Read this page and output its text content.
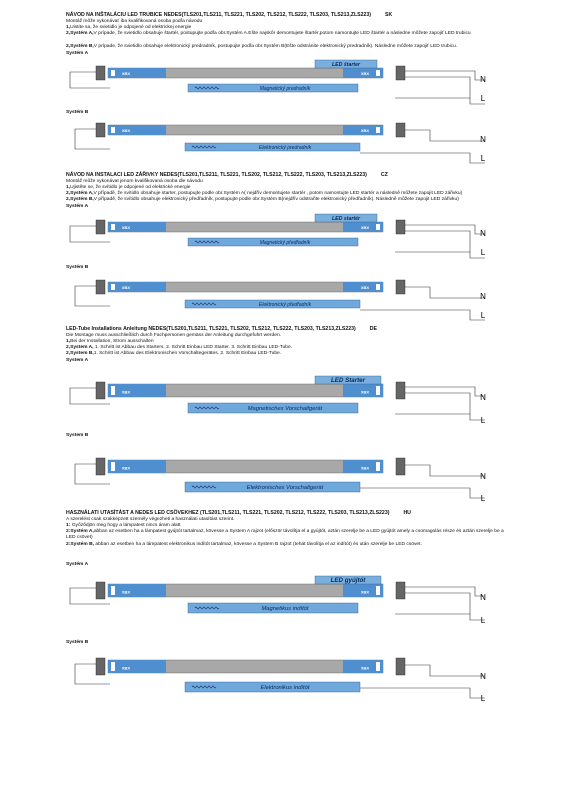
NÁVOD NA INŠTALÁCIU LED TRUBICE NEDES(TLS201,TLS211, TLS221, TLS202, TLS212, TLS222, TLS203, TLS213,ZLS223)	SK
Montáž môže vykonávať iba kvalifikovaná osoba podľa návodu
1,Uistite sa, že svietidlo je odpojené od elektrickej energie
2,Systém A,V prípade, že svietidlo obsahuje štartér, postupujte podľa obr.Systém A.Ešte najskôr demontujete štartér,potom namontujte LED štartér a následne môžete zapojiť LED trubicu
2,Systém B,V prípade, že svietidlo obsahuje elektronický predradník, postupujte podľa obr.Systém B(Ešte odstránite elektronický predradník). Následne môžete zapojiť LED trubicu.
Systém A
XBX	XBX
LED štarter
Magnetický predradník
N
L
Systém B
XBX	XBX
Elektronický predradník
N
L
NÁVOD NA INSTALACI LED ZÁŘIVKY NEDES(TLS201,TLS211, TLS221, TLS202, TLS212, TLS222, TLS203, TLS213,ZLS223)	CZ
Montáž může vykonávat jenom kvalifikovaná osoba dle návodu
1,Ujistěte se, že svítidlo je odpojené od elektrické energie
2,Systém A,V případě, že svítidlo obsahuje starter, postupujte podle obr.Systém A( nejdřív demontujete startér , potom namontujte LED startér a následně můžete zapojit LED zářivku)
2,Systém B,V případě, že svítidlo obsahuje elektronický předřadník, postupujte podle obr.Systém B(nejdřív odstraňte elektronický předřadník). Následně můžete zapojit LED zářivku)
Systém A
XBX	XBX
LED startér
Magnetický předřadník
N
L
Systém B
XBX	XBX
Elektronický předřadník
N
L
LED-Tube Installations Anleitung NEDES(TLS201,TLS211, TLS221, TLS202, TLS212, TLS222, TLS203, TLS213,ZLS223)	DE
Die Montage muss ausschließlich durch Fachpersonen gemäss der Anleitung durchgefuhrt werden.
1,Bei der Installation, Strom ausschalten
2,System A, 1. Schritt ist Abbau des Starters. 2. Schritt Einbau LED Starter. 3. Schritt Einbau LED-Tube.
2,System B,1. Schritt ist Abbau des Elektronischen Vorschaltegerätes. 2. Schritt Einbau LED-Tube.
System A
XBX	XBX
LED Starter
Magnetisches Vorschaltgerät
N
L
System B
XBX	XBX
Elektronisches Vorschaltgerät
N
L
HASZNÁLATI UTASÍTÁST A NEDES LED CSÖVEKHEZ (TLS201,TLS211, TLS221, TLS202, TLS212, TLS222, TLS203, TLS213,ZLS223)	HU
A szerelést csak szakképzett személy végezheti a használati utasítást szerint.
1: Győződjön meg hogy a lámpatest nincs áram alatt
2:Systém A,abban az esetben ha a lámpatest gyújtót tartalmaz, kövesse a System A rajzot (először távolítja el a gyújtót, aztán szerelje be a LED gyújtót amely a csomagolás része és aztán szerelje be a LED csövet)
2:Systém B, abban az esetben ha a lámpatest elektronikus indítót tartalmaz, kövesse a System B rajzot (tehát távolítja el az indítót) és után szerelje be LED csövet.
Systém A
XBX	XBX
LED gyújtót
Magnetikus indítót
N
L
Systém B
XBX	XBX
Elektronikus indítót
N
L
